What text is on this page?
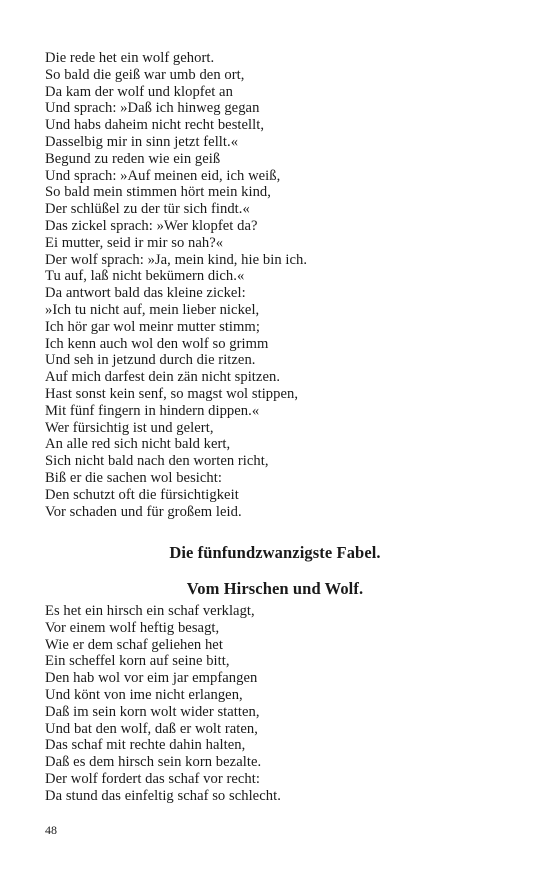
Die rede het ein wolf gehort.
So bald die geiß war umb den ort,
Da kam der wolf und klopfet an
Und sprach: »Daß ich hinweg gegan
Und habs daheim nicht recht bestellt,
Dasselbig mir in sinn jetzt fellt.«
Begund zu reden wie ein geiß
Und sprach: »Auf meinen eid, ich weiß,
So bald mein stimmen hört mein kind,
Der schlüßel zu der tür sich findt.«
Das zickel sprach: »Wer klopfet da?
Ei mutter, seid ir mir so nah?«
Der wolf sprach: »Ja, mein kind, hie bin ich.
Tu auf, laß nicht bekümern dich.«
Da antwort bald das kleine zickel:
»Ich tu nicht auf, mein lieber nickel,
Ich hör gar wol meinr mutter stimm;
Ich kenn auch wol den wolf so grimm
Und seh in jetzund durch die ritzen.
Auf mich darfest dein zän nicht spitzen.
Hast sonst kein senf, so magst wol stippen,
Mit fünf fingern in hindern dippen.«
Wer fürsichtig ist und gelert,
An alle red sich nicht bald kert,
Sich nicht bald nach den worten richt,
Biß er die sachen wol besicht:
Den schutzt oft die fürsichtigkeit
Vor schaden und für großem leid.
Die fünfundzwanzigste Fabel.
Vom Hirschen und Wolf.
Es het ein hirsch ein schaf verklagt,
Vor einem wolf heftig besagt,
Wie er dem schaf geliehen het
Ein scheffel korn auf seine bitt,
Den hab wol vor eim jar empfangen
Und könt von ime nicht erlangen,
Daß im sein korn wolt wider statten,
Und bat den wolf, daß er wolt raten,
Das schaf mit rechte dahin halten,
Daß es dem hirsch sein korn bezalte.
Der wolf fordert das schaf vor recht:
Da stund das einfeltig schaf so schlecht.
48
